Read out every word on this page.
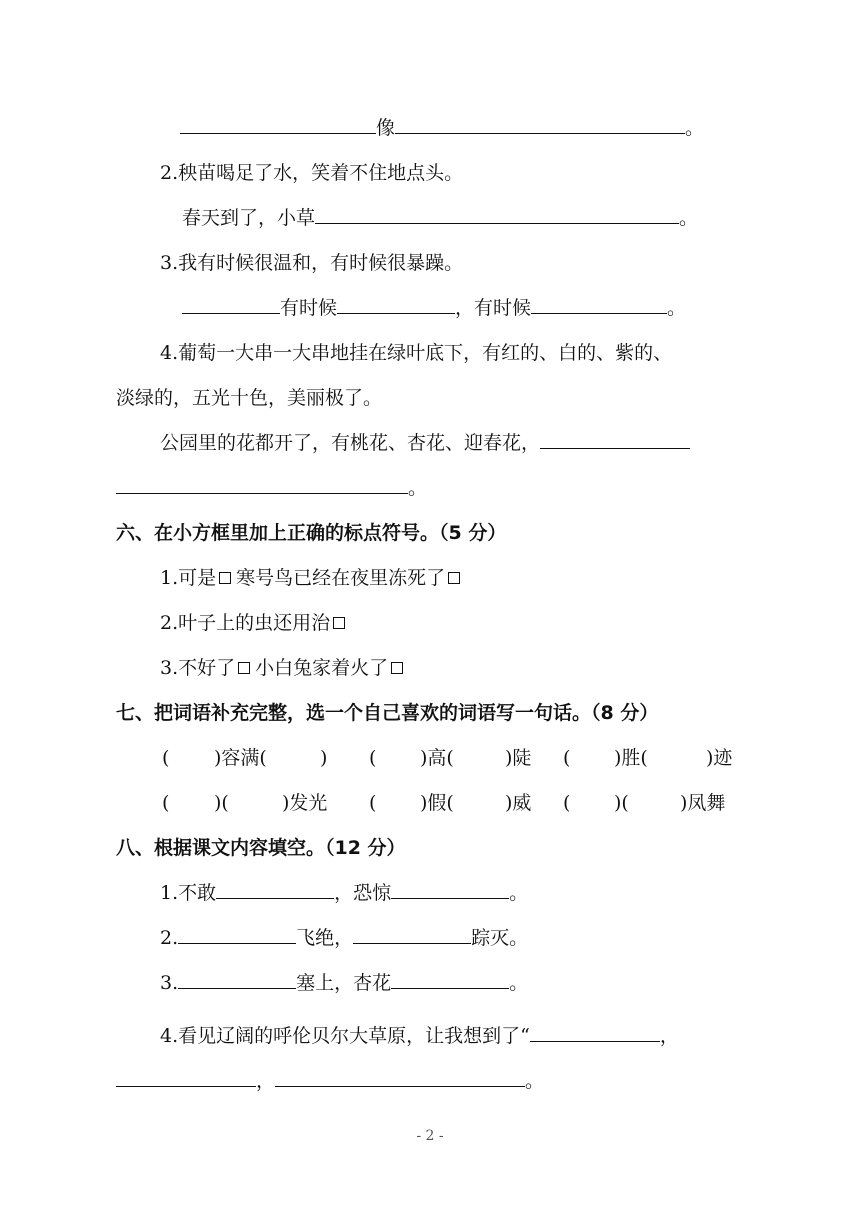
像	。
2.秧苗喝足了水，笑着不住地点头。
春天到了，小草	。
3.我有时候很温和，有时候很暴躁。
有时候	，有时候	。
4.葡萄一大串一大串地挂在绿叶底下，有红的、白的、紫的、
淡绿的，五光十色，美丽极了。
公园里的花都开了，有桃花、杏花、迎春花，
。
六、在小方框里加上正确的标点符号。（5 分）
1.可是 寒号鸟已经在夜里冻死了
2.叶子上的虫还用治
3.不好了 小白兔家着火了
七、把词语补充完整，选一个自己喜欢的词语写一句话。（8 分）
( )容满(	) ( )高(	)陡 ( )胜(	)迹
( )(	)发光 ( )假(	)威 ( )(	)凤舞
八、根据课文内容填空。（12 分）
1.不敢	，恐惊	。
2.	飞绝，	踪灭。
3.	塞上，杏花	。
4.看见辽阔的呼伦贝尔大草原，让我想到了“	，
，	。
- 2 -
